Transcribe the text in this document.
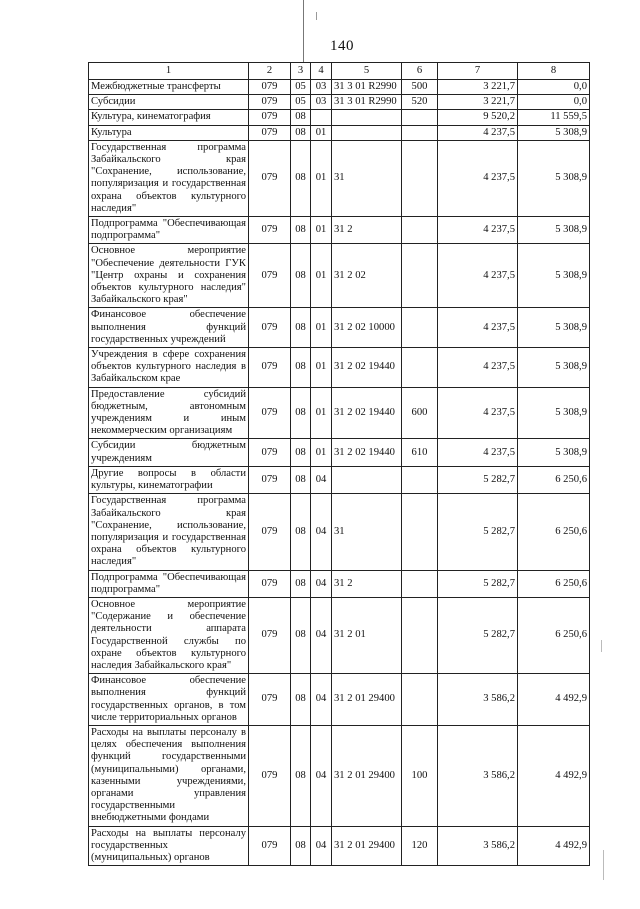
140
1	2	3	4	5	6	7	8
Межбюджетные трансферты	079	05	03	31 3 01 R2990	500	3 221,7	0,0
Субсидии	079	05	03	31 3 01 R2990	520	3 221,7	0,0
Культура, кинематография	079	08				9 520,2	11 559,5
Культура	079	08	01			4 237,5	5 308,9
Государственная программа Забайкальского края "Сохранение, использование, популяризация и государственная охрана объектов культурного наследия"	079	08	01	31		4 237,5	5 308,9
Подпрограмма "Обеспечивающая подпрограмма"	079	08	01	31 2		4 237,5	5 308,9
Основное мероприятие "Обеспечение деятельности ГУК "Центр охраны и сохранения объектов культурного наследия" Забайкальского края"	079	08	01	31 2 02		4 237,5	5 308,9
Финансовое обеспечение выполнения функций государственных учреждений	079	08	01	31 2 02 10000		4 237,5	5 308,9
Учреждения в сфере сохранения объектов культурного наследия в Забайкальском крае	079	08	01	31 2 02 19440		4 237,5	5 308,9
Предоставление субсидий бюджетным, автономным учреждениям и иным некоммерческим организациям	079	08	01	31 2 02 19440	600	4 237,5	5 308,9
Субсидии бюджетным учреждениям	079	08	01	31 2 02 19440	610	4 237,5	5 308,9
Другие вопросы в области культуры, кинематографии	079	08	04			5 282,7	6 250,6
Государственная программа Забайкальского края "Сохранение, использование, популяризация и государственная охрана объектов культурного наследия"	079	08	04	31		5 282,7	6 250,6
Подпрограмма "Обеспечивающая подпрограмма"	079	08	04	31 2		5 282,7	6 250,6
Основное мероприятие "Содержание и обеспечение деятельности аппарата Государственной службы по охране объектов культурного наследия Забайкальского края"	079	08	04	31 2 01		5 282,7	6 250,6
Финансовое обеспечение выполнения функций государственных органов, в том числе территориальных органов	079	08	04	31 2 01 29400		3 586,2	4 492,9
Расходы на выплаты персоналу в целях обеспечения выполнения функций государственными (муниципальными) органами, казенными учреждениями, органами управления государственными внебюджетными фондами	079	08	04	31 2 01 29400	100	3 586,2	4 492,9
Расходы на выплаты персоналу государственных (муниципальных) органов	079	08	04	31 2 01 29400	120	3 586,2	4 492,9
